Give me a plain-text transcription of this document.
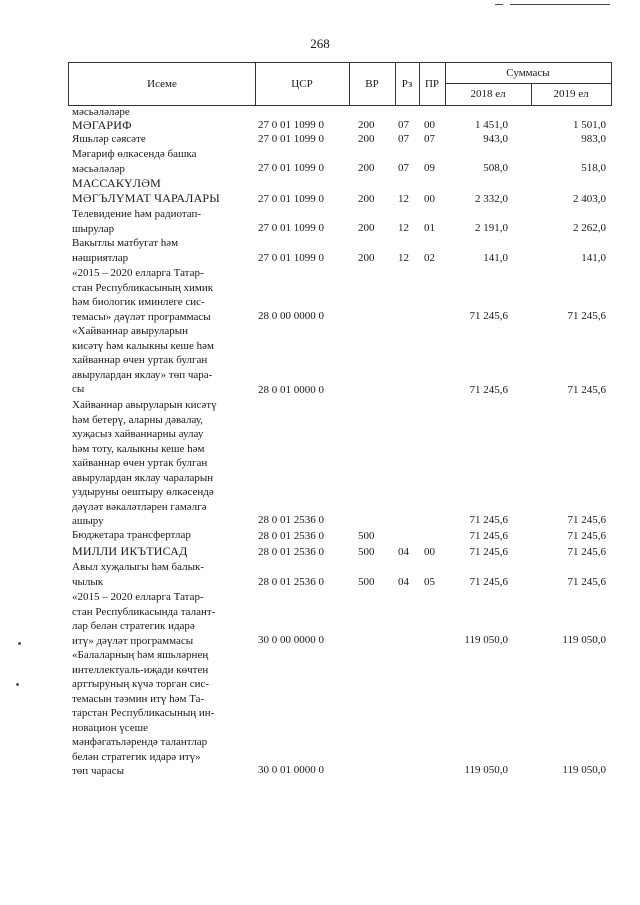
268
Исеме	ЦСР	ВР	Рз	ПР
Суммасы
2018 ел	2019 ел
мәсьәләләре
МӘГАРИФ	27 0 01 1099 0	200 07 00	1 451,0	1 501,0
Яшьләр сәясәте	27 0 01 1099 0	200 07 07	943,0	983,0
Мәгариф өлкәсендә башка
мәсьәләләр	27 0 01 1099 0	200 07 09	508,0	518,0
МАССАКҮЛӘМ
МӘГЪЛҮМАТ ЧАРАЛАРЫ	27 0 01 1099 0	200 12 00	2 332,0	2 403,0
Телевидение һәм радиотап-
шырулар	27 0 01 1099 0	200 12 01	2 191,0	2 262,0
Вакытлы матбугат һәм
нәшриятлар	27 0 01 1099 0	200 12 02	141,0	141,0
«2015 – 2020 елларга Татар-
стан Республикасының химик
һәм биологик иминлеге сис-
темасы» дәүләт программасы	28 0 00 0000 0	71 245,6	71 245,6
«Хайваннар авыруларын
кисәтү һәм калыкны кеше һәм
хайваннар өчен уртак булган
авырулардан яклау» төп чара-
сы	28 0 01 0000 0	71 245,6	71 245,6
Хайваннар авыруларын кисәтү
һәм бетерү, аларны дәвалау,
хуҗасыз хайваннарны аулау
һәм тоту, калыкны кеше һәм
хайваннар өчен уртак булган
авырулардан яклау чараларын
уздыруны оештыру өлкәсендә
дәүләт вәкаләтләрен гамәлгә
ашыру	28 0 01 2536 0	71 245,6	71 245,6
Бюджетара трансфертлар	28 0 01 2536 0	500	71 245,6	71 245,6
МИЛЛИ ИКЪТИСАД	28 0 01 2536 0	500 04 00	71 245,6	71 245,6
Авыл хуҗалыгы һәм балык-
чылык	28 0 01 2536 0	500 04 05	71 245,6	71 245,6
«2015 – 2020 елларга Татар-
стан Республикасында талант-
лар белән стратегик идарә
итү» дәүләт программасы	30 0 00 0000 0	119 050,0	119 050,0
«Балаларның һәм яшьләрнең
интеллектуаль-иҗади көчтен
арттыруның күчә торган сис-
темасын тәэмин итү һәм Та-
тарстан Республикасының ин-
новацион үсеше
мәнфәгатьләрендә талантлар
белән стратегик идарә итү»
төп чарасы	30 0 01 0000 0	119 050,0	119 050,0
